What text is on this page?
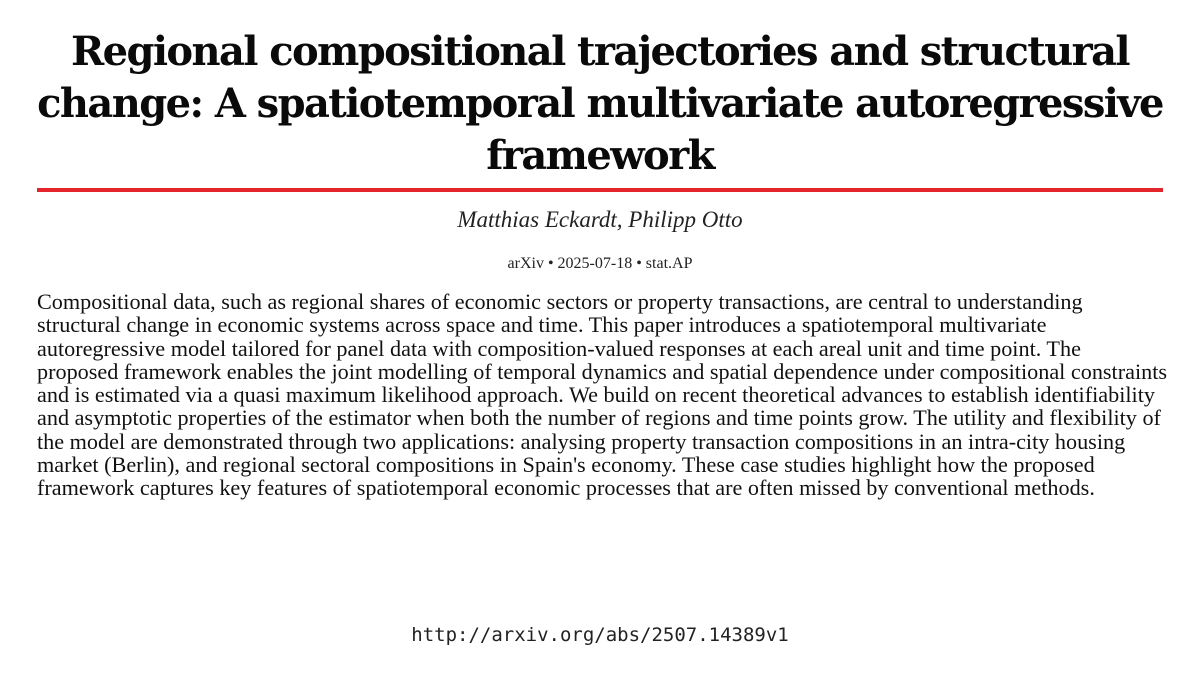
Regional compositional trajectories and structural change: A spatiotemporal multivariate autoregressive framework
Matthias Eckardt, Philipp Otto
arXiv • 2025-07-18 • stat.AP

Compositional data, such as regional shares of economic sectors or property transactions, are central to understanding structural change in economic systems across space and time. This paper introduces a spatiotemporal multivariate autoregressive model tailored for panel data with composition-valued responses at each areal unit and time point. The proposed framework enables the joint modelling of temporal dynamics and spatial dependence under compositional constraints and is estimated via a quasi maximum likelihood approach. We build on recent theoretical advances to establish identifiability and asymptotic properties of the estimator when both the number of regions and time points grow. The utility and flexibility of the model are demonstrated through two applications: analysing property transaction compositions in an intra-city housing market (Berlin), and regional sectoral compositions in Spain's economy. These case studies highlight how the proposed framework captures key features of spatiotemporal economic processes that are often missed by conventional methods.

http://arxiv.org/abs/2507.14389v1
